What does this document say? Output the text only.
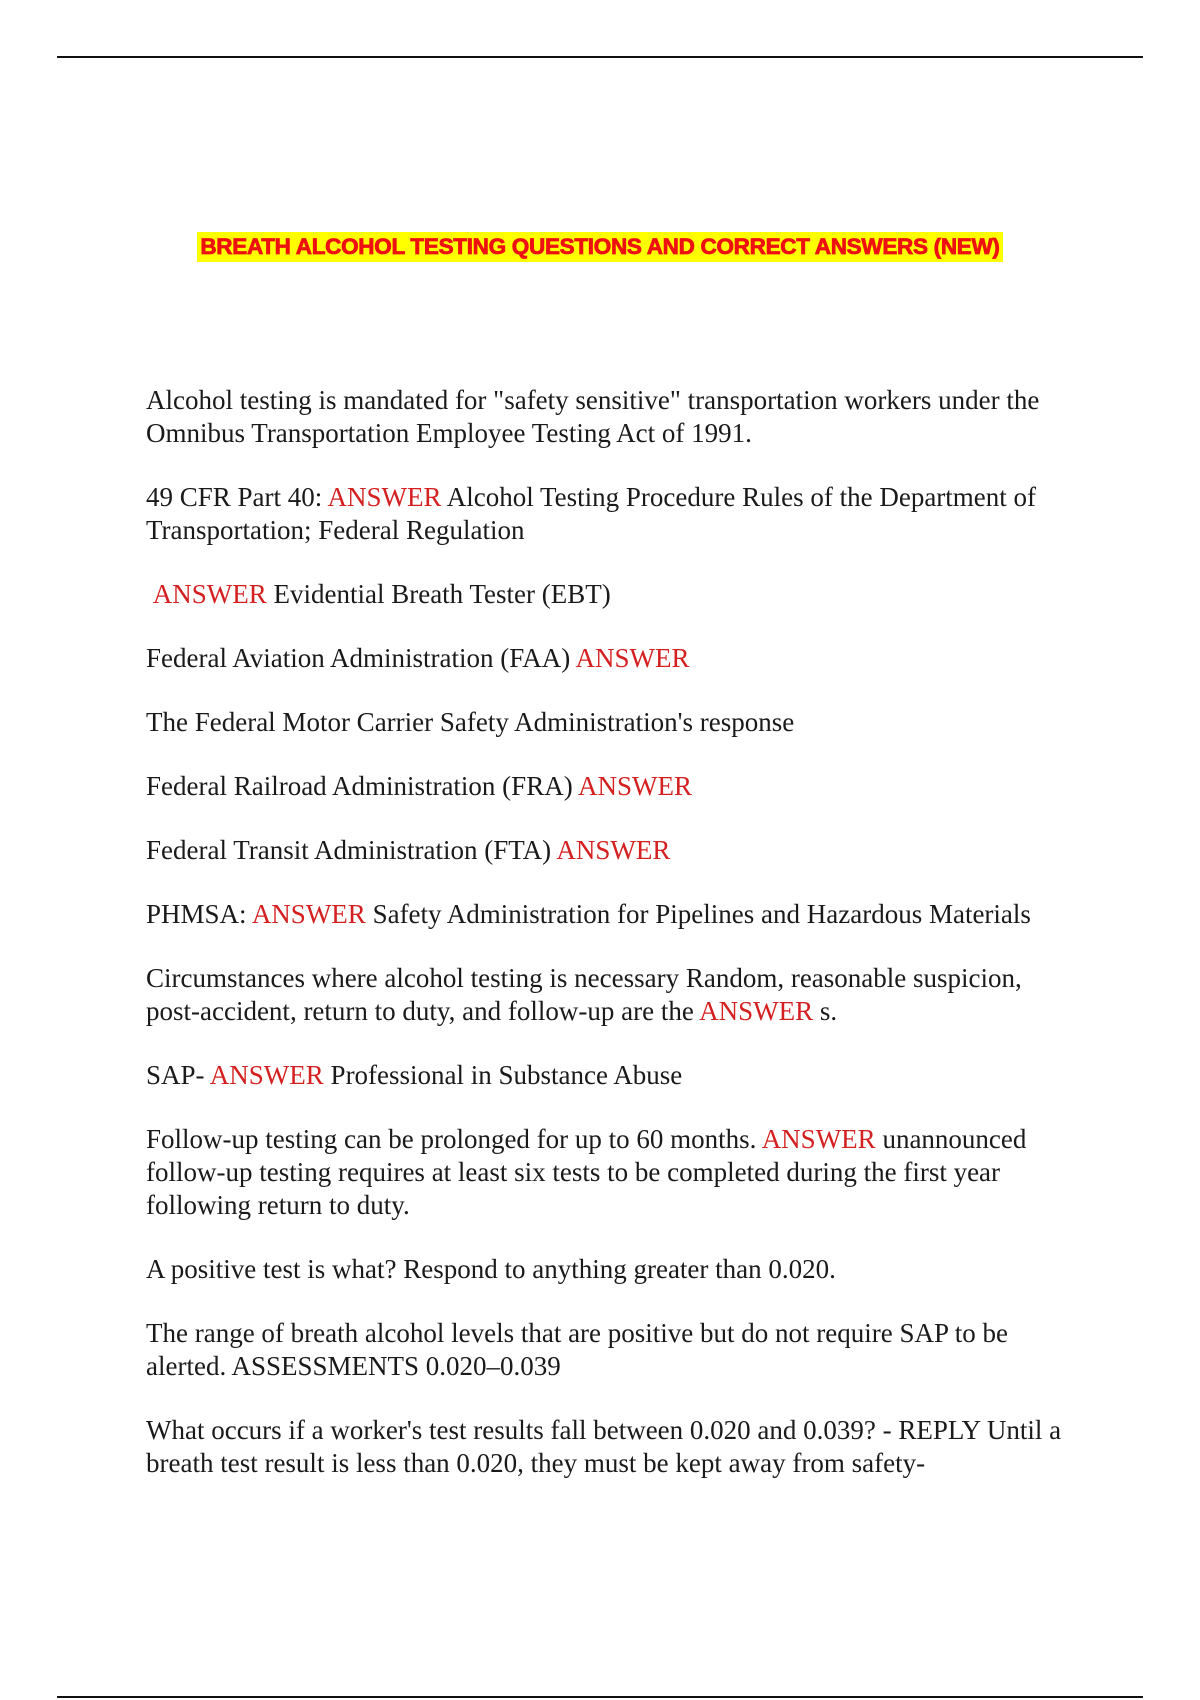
BREATH ALCOHOL TESTING QUESTIONS AND CORRECT ANSWERS (NEW)

Alcohol testing is mandated for "safety sensitive" transportation workers under the Omnibus Transportation Employee Testing Act of 1991.

49 CFR Part 40: ANSWER Alcohol Testing Procedure Rules of the Department of Transportation; Federal Regulation

ANSWER Evidential Breath Tester (EBT)

Federal Aviation Administration (FAA) ANSWER

The Federal Motor Carrier Safety Administration's response

Federal Railroad Administration (FRA) ANSWER

Federal Transit Administration (FTA) ANSWER

PHMSA: ANSWER Safety Administration for Pipelines and Hazardous Materials

Circumstances where alcohol testing is necessary Random, reasonable suspicion, post-accident, return to duty, and follow-up are the ANSWER s.

SAP- ANSWER Professional in Substance Abuse

Follow-up testing can be prolonged for up to 60 months. ANSWER unannounced follow-up testing requires at least six tests to be completed during the first year following return to duty.

A positive test is what? Respond to anything greater than 0.020.

The range of breath alcohol levels that are positive but do not require SAP to be alerted. ASSESSMENTS 0.020–0.039

What occurs if a worker's test results fall between 0.020 and 0.039? - REPLY Until a breath test result is less than 0.020, they must be kept away from safety-
